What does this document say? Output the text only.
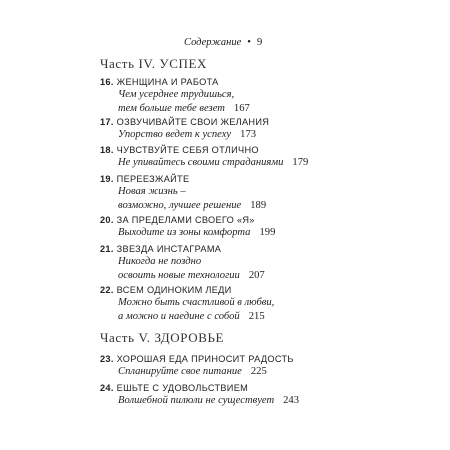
Содержание • 9
Часть IV. УСПЕХ
16. ЖЕНЩИНА И РАБОТА
Чем усерднее трудишься,
тем больше тебе везет 167
17. ОЗВУЧИВАЙТЕ СВОИ ЖЕЛАНИЯ
Упорство ведет к успеху 173
18. ЧУВСТВУЙТЕ СЕБЯ ОТЛИЧНО
Не упивайтесь своими страданиями 179
19. ПЕРЕЕЗЖАЙТЕ
Новая жизнь –
возможно, лучшее решение 189
20. ЗА ПРЕДЕЛАМИ СВОЕГО «Я»
Выходите из зоны комфорта 199
21. ЗВЕЗДА ИНСТАГРАМА
Никогда не поздно
освоить новые технологии 207
22. ВСЕМ ОДИНОКИМ ЛЕДИ
Можно быть счастливой в любви,
а можно и наедине с собой 215
Часть V. ЗДОРОВЬЕ
23. ХОРОШАЯ ЕДА ПРИНОСИТ РАДОСТЬ
Спланируйте свое питание 225
24. ЕШЬТЕ С УДОВОЛЬСТВИЕМ
Волшебной пилюли не существует 243
